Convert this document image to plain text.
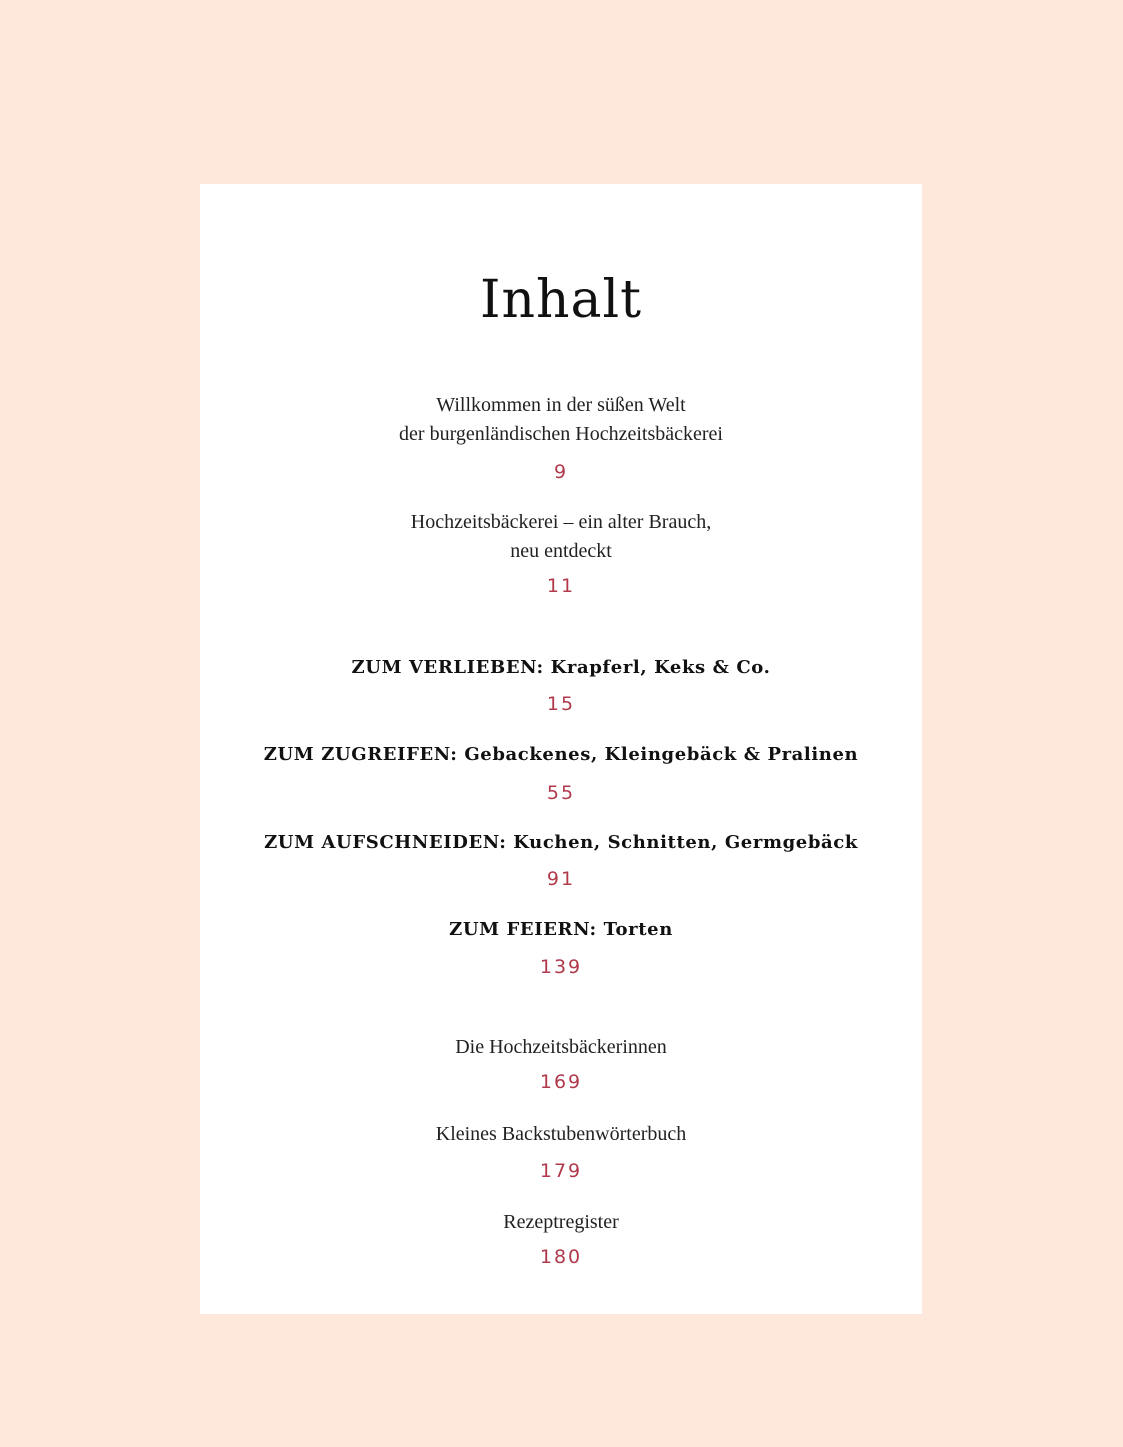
Inhalt
Willkommen in der süßen Welt
der burgenländischen Hochzeitsbäckerei
9
Hochzeitsbäckerei – ein alter Brauch,
neu entdeckt
11
ZUM VERLIEBEN: Krapferl, Keks & Co.
15
ZUM ZUGREIFEN: Gebackenes, Kleingebäck & Pralinen
55
ZUM AUFSCHNEIDEN: Kuchen, Schnitten, Germgebäck
91
ZUM FEIERN: Torten
139
Die Hochzeitsbäckerinnen
169
Kleines Backstubenwörterbuch
179
Rezeptregister
180
